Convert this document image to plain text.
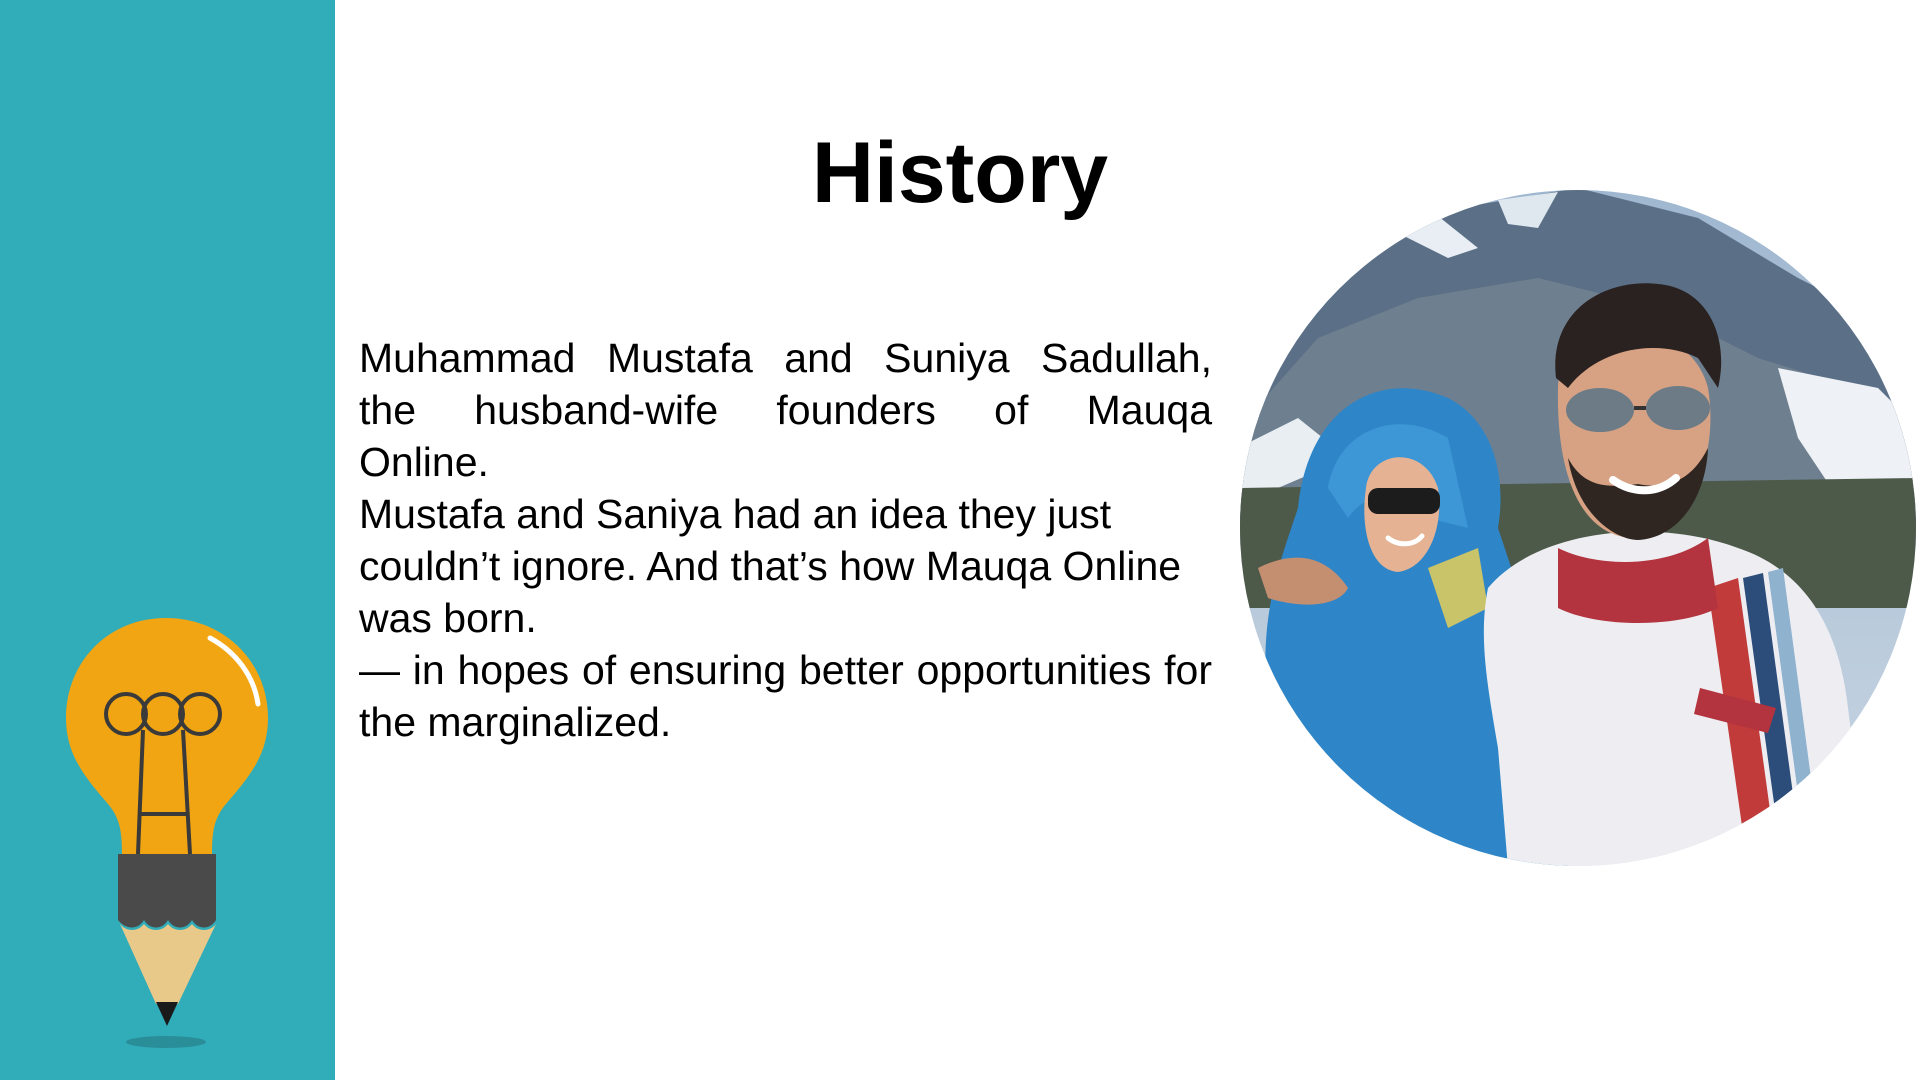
History

Muhammad Mustafa and Suniya Sadullah, the husband-wife founders of Mauqa Online.

Mustafa and Saniya had an idea they just couldn’t ignore. And that’s how Mauqa Online was born.

— in hopes of ensuring better opportunities for the marginalized.
